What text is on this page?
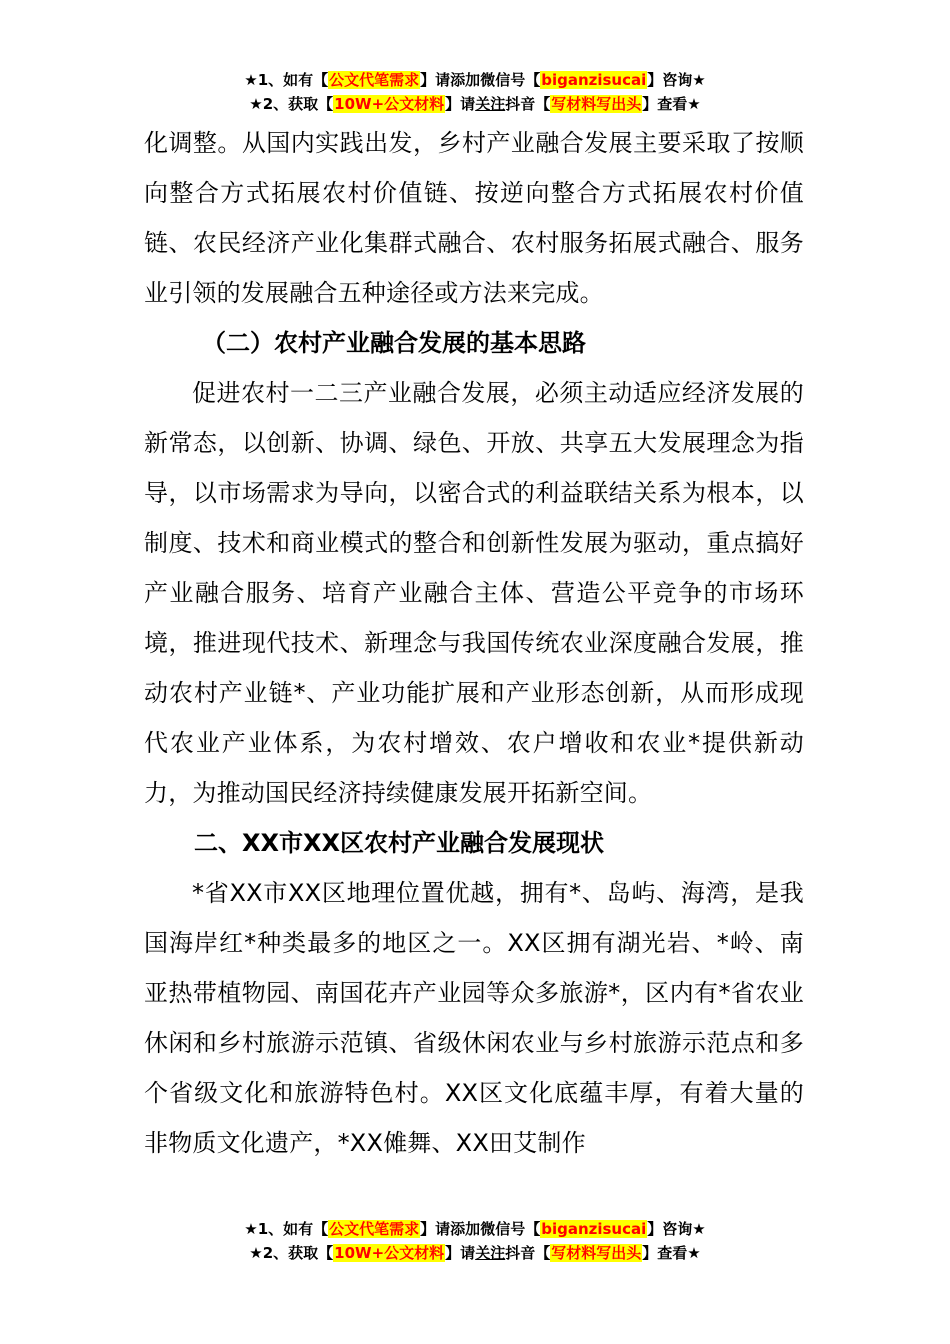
★1、如有【公文代笔需求】请添加微信号【biganzisucai】咨询★
★2、获取【10W+公文材料】请关注抖音【写材料写出头】查看★

化调整。从国内实践出发，乡村产业融合发展主要采取了按顺向整合方式拓展农村价值链、按逆向整合方式拓展农村价值链、农民经济产业化集群式融合、农村服务拓展式融合、服务业引领的发展融合五种途径或方法来完成。

（二）农村产业融合发展的基本思路

促进农村一二三产业融合发展，必须主动适应经济发展的新常态，以创新、协调、绿色、开放、共享五大发展理念为指导，以市场需求为导向，以密合式的利益联结关系为根本，以制度、技术和商业模式的整合和创新性发展为驱动，重点搞好产业融合服务、培育产业融合主体、营造公平竞争的市场环境，推进现代技术、新理念与我国传统农业深度融合发展，推动农村产业链*、产业功能扩展和产业形态创新，从而形成现代农业产业体系，为农村增效、农户增收和农业*提供新动力，为推动国民经济持续健康发展开拓新空间。

二、XX市XX区农村产业融合发展现状

*省XX市XX区地理位置优越，拥有*、岛屿、海湾，是我国海岸红*种类最多的地区之一。XX区拥有湖光岩、*岭、南亚热带植物园、南国花卉产业园等众多旅游*，区内有*省农业休闲和乡村旅游示范镇、省级休闲农业与乡村旅游示范点和多个省级文化和旅游特色村。XX区文化底蕴丰厚，有着大量的非物质文化遗产，*XX傩舞、XX田艾制作

★1、如有【公文代笔需求】请添加微信号【biganzisucai】咨询★
★2、获取【10W+公文材料】请关注抖音【写材料写出头】查看★
